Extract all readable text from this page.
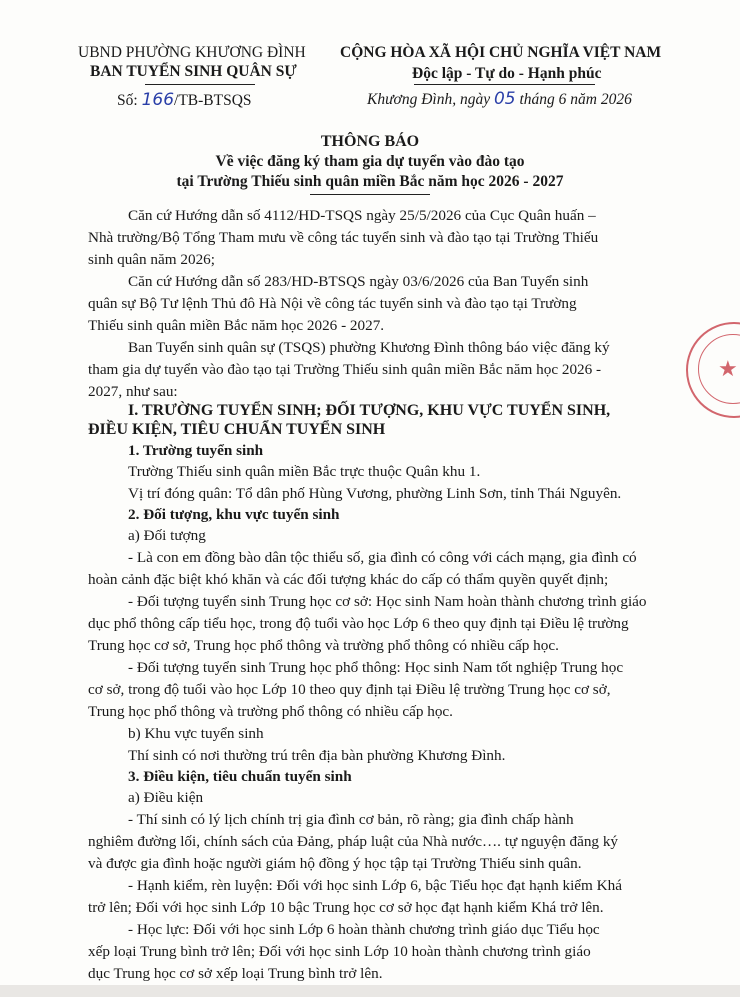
UBND PHƯỜNG KHƯƠNG ĐÌNH
BAN TUYỂN SINH QUÂN SỰ
Số: 166/TB-BTSQS
CỘNG HÒA XÃ HỘI CHỦ NGHĨA VIỆT NAM
Độc lập - Tự do - Hạnh phúc
Khương Đình, ngày 05 tháng 6 năm 2026
THÔNG BÁO
Về việc đăng ký tham gia dự tuyển vào đào tạo
tại Trường Thiếu sinh quân miền Bắc năm học 2026 - 2027
Căn cứ Hướng dẫn số 4112/HD-TSQS ngày 25/5/2026 của Cục Quân huấn –
Nhà trường/Bộ Tổng Tham mưu về công tác tuyển sinh và đào tạo tại Trường Thiếu
sinh quân năm 2026;
Căn cứ Hướng dẫn số 283/HD-BTSQS ngày 03/6/2026 của Ban Tuyển sinh
quân sự Bộ Tư lệnh Thủ đô Hà Nội về công tác tuyển sinh và đào tạo tại Trường
Thiếu sinh quân miền Bắc năm học 2026 - 2027.
Ban Tuyển sinh quân sự (TSQS) phường Khương Đình thông báo việc đăng ký
tham gia dự tuyển vào đào tạo tại Trường Thiếu sinh quân miền Bắc năm học 2026 -
2027, như sau:
I. TRƯỜNG TUYỂN SINH; ĐỐI TƯỢNG, KHU VỰC TUYỂN SINH,
ĐIỀU KIỆN, TIÊU CHUẨN TUYỂN SINH
1. Trường tuyển sinh
Trường Thiếu sinh quân miền Bắc trực thuộc Quân khu 1.
Vị trí đóng quân: Tổ dân phố Hùng Vương, phường Linh Sơn, tỉnh Thái Nguyên.
2. Đối tượng, khu vực tuyển sinh
a) Đối tượng
- Là con em đồng bào dân tộc thiểu số, gia đình có công với cách mạng, gia đình có
hoàn cảnh đặc biệt khó khăn và các đối tượng khác do cấp có thẩm quyền quyết định;
- Đối tượng tuyển sinh Trung học cơ sở: Học sinh Nam hoàn thành chương trình giáo
dục phổ thông cấp tiểu học, trong độ tuổi vào học Lớp 6 theo quy định tại Điều lệ trường
Trung học cơ sở, Trung học phổ thông và trường phổ thông có nhiều cấp học.
- Đối tượng tuyển sinh Trung học phổ thông: Học sinh Nam tốt nghiệp Trung học
cơ sở, trong độ tuổi vào học Lớp 10 theo quy định tại Điều lệ trường Trung học cơ sở,
Trung học phổ thông và trường phổ thông có nhiều cấp học.
b) Khu vực tuyển sinh
Thí sinh có nơi thường trú trên địa bàn phường Khương Đình.
3. Điều kiện, tiêu chuẩn tuyển sinh
a) Điều kiện
- Thí sinh có lý lịch chính trị gia đình cơ bản, rõ ràng; gia đình chấp hành
nghiêm đường lối, chính sách của Đảng, pháp luật của Nhà nước…. tự nguyện đăng ký
và được gia đình hoặc người giám hộ đồng ý học tập tại Trường Thiếu sinh quân.
- Hạnh kiểm, rèn luyện: Đối với học sinh Lớp 6, bậc Tiểu học đạt hạnh kiểm Khá
trở lên; Đối với học sinh Lớp 10 bậc Trung học cơ sở học đạt hạnh kiểm Khá trở lên.
- Học lực: Đối với học sinh Lớp 6 hoàn thành chương trình giáo dục Tiểu học
xếp loại Trung bình trở lên; Đối với học sinh Lớp 10 hoàn thành chương trình giáo
dục Trung học cơ sở xếp loại Trung bình trở lên.
★
